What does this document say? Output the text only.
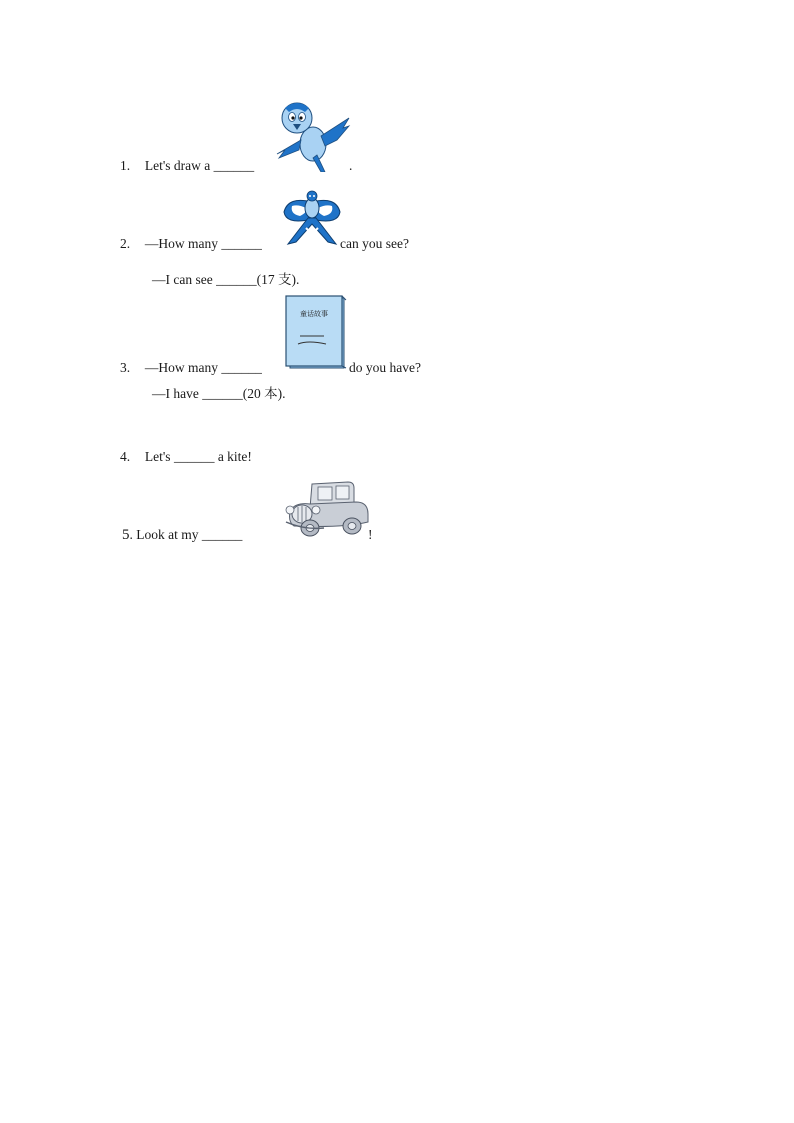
1. Let's draw a ______	.
2. —How many ______	can you see?
—I can see ______(17 支).
3. —How many ______	do you have?
—I have ______(20 本).
童话故事
4. Let's ______ a kite!
5. Look at my ______	!
